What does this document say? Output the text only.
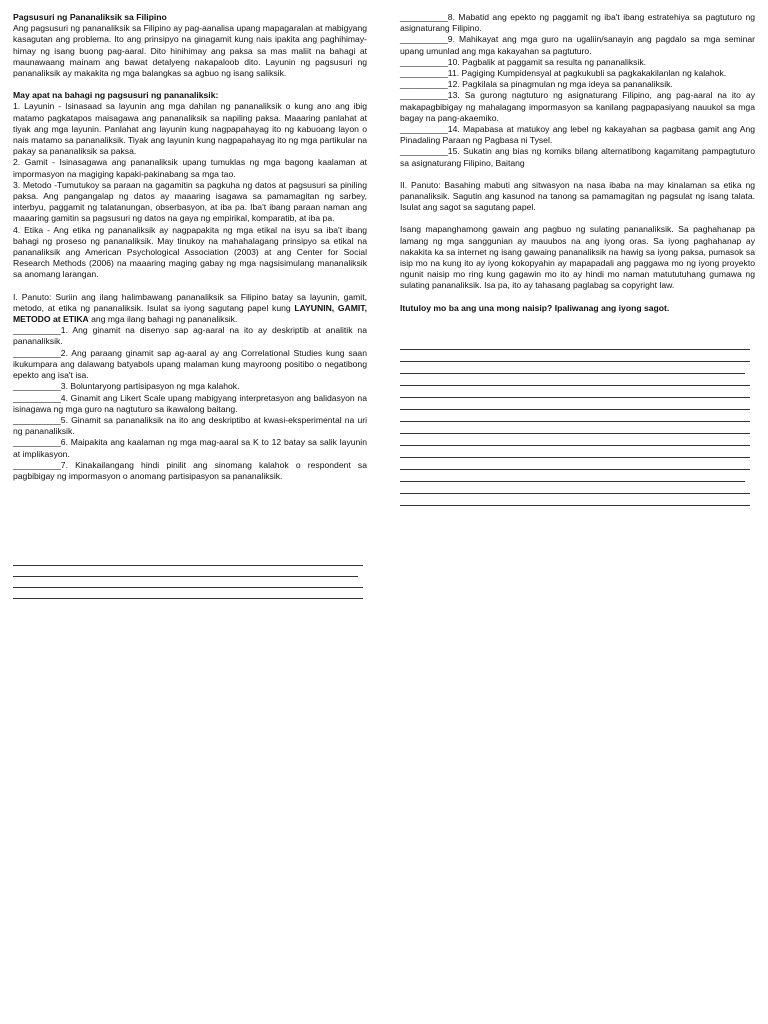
Pagsusuri ng Pananaliksik sa Filipino

Ang pagsusuri ng pananaliksik sa Filipino ay pag-aanalisa upang mapagaralan at mabigyang kasagutan ang problema. Ito ang prinsipyo na ginagamit kung nais ipakita ang paghihimay-himay ng isang buong pag-aaral. Dito hinihimay ang paksa sa mas maliit na bahagi at maunawaang mainam ang bawat detalyeng nakapaloob dito. Layunin ng pagsusuri ng pananaliksik ay makakita ng mga balangkas sa agbuo ng isang saliksik.

May apat na bahagi ng pagsusuri ng pananaliksik:

1. Layunin - Isinasaad sa layunin ang mga dahilan ng pananaliksik o kung ano ang ibig matamo pagkatapos maisagawa ang pananaliksik sa napiling paksa. Maaaring panlahat at tiyak ang mga layunin. Panlahat ang layunin kung nagpapahayag ito ng kabuoang layon o nais matamo sa pananaliksik. Tiyak ang layunin kung nagpapahayag ito ng mga partikular na pakay sa pananaliksik sa paksa.

2. Gamit - Isinasagawa ang pananaliksik upang tumuklas ng mga bagong kaalaman at impormasyon na magiging kapaki-pakinabang sa mga tao.

3. Metodo -Tumutukoy sa paraan na gagamitin sa pagkuha ng datos at pagsusuri sa piniling paksa. Ang pangangalap ng datos ay maaaring isagawa sa pamamagitan ng sarbey, interbyu, paggamit ng talatanungan, obserbasyon, at iba pa. Iba't ibang paraan naman ang maaaring gamitin sa pagsusuri ng datos na gaya ng empirikal, komparatib, at iba pa.

4. Etika - Ang etika ng pananaliksik ay nagpapakita ng mga etikal na isyu sa iba't ibang bahagi ng proseso ng pananaliksik. May tinukoy na mahahalagang prinsipyo sa etikal na pananaliksik ang American Psychological Association (2003) at ang Center for Social Research Methods (2006) na maaaring maging gabay ng mga nagsisimulang mananaliksik sa anomang larangan.

I. Panuto: Suriin ang ilang halimbawang pananaliksik sa Filipino batay sa layunin, gamit, metodo, at etika ng pananaliksik. Isulat sa iyong sagutang papel kung LAYUNIN, GAMIT, METODO at ETIKA ang mga ilang bahagi ng pananaliksik.

__________1. Ang ginamit na disenyo sap ag-aaral na ito ay deskriptib at analitik na pananaliksik.

__________2. Ang paraang ginamit sap ag-aaral ay ang Correlational Studies kung saan ikukumpara ang dalawang batyabols upang malaman kung mayroong positibo o negatibong epekto ang isa't isa.

__________3. Boluntaryong partisipasyon ng mga kalahok.

__________4. Ginamit ang Likert Scale upang mabigyang interpretasyon ang balidasyon na isinagawa ng mga guro na nagtuturo sa ikawalong baitang.

__________5. Ginamit sa pananaliksik na ito ang deskriptibo at kwasi-eksperimental na uri ng pananaliksik.

__________6. Maipakita ang kaalaman ng mga mag-aaral sa K to 12 batay sa salik layunin at implikasyon.

__________7. Kinakailangang hindi pinilit ang sinomang kalahok o respondent sa pagbibigay ng impormasyon o anomang partisipasyon sa pananaliksik.

__________8. Mabatid ang epekto ng paggamit ng iba't ibang estratehiya sa pagtuturo ng asignaturang Filipino.

__________9. Mahikayat ang mga guro na ugaliin/sanayin ang pagdalo sa mga seminar upang umunlad ang mga kakayahan sa pagtuturo.

__________10. Pagbalik at paggamit sa resulta ng pananaliksik.

__________11. Pagiging Kumpidensyal at pagkukubli sa pagkakakilanlan ng kalahok.

__________12. Pagkilala sa pinagmulan ng mga ideya sa pananaliksik.

__________13. Sa gurong nagtuturo ng asignaturang Filipino, ang pag-aaral na ito ay makapagbibigay ng mahalagang impormasyon sa kanilang pagpapasiyang nauukol sa mga bagay na pang-akaemiko.

__________14. Mapabasa at matukoy ang lebel ng kakayahan sa pagbasa gamit ang Ang Pinadaling Paraan ng Pagbasa ni Tysel.

__________15. Sukatin ang bias ng komiks bilang alternatibong kagamitang pampagtuturo sa asignaturang Filipino, Baitang

II. Panuto: Basahing mabuti ang sitwasyon na nasa ibaba na may kinalaman sa etika ng pananaliksik. Sagutin ang kasunod na tanong sa pamamagitan ng pagsulat ng isang talata. Isulat ang sagot sa sagutang papel.

Isang mapanghamong gawain ang pagbuo ng sulating pananaliksik. Sa paghahanap pa lamang ng mga sanggunian ay mauubos na ang iyong oras. Sa iyong paghahanap ay nakakita ka sa internet ng isang gawaing pananaliksik na hawig sa iyong paksa, pumasok sa isip mo na kung ito ay iyong kokopyahin ay mapapadali ang paggawa mo ng iyong proyekto ngunit naisip mo ring kung gagawin mo ito ay hindi mo naman matututuhang gumawa ng sulating pananaliksik. Isa pa, ito ay tahasang paglabag sa copyright law.

Itutuloy mo ba ang una mong naisip? Ipaliwanag ang iyong sagot.
